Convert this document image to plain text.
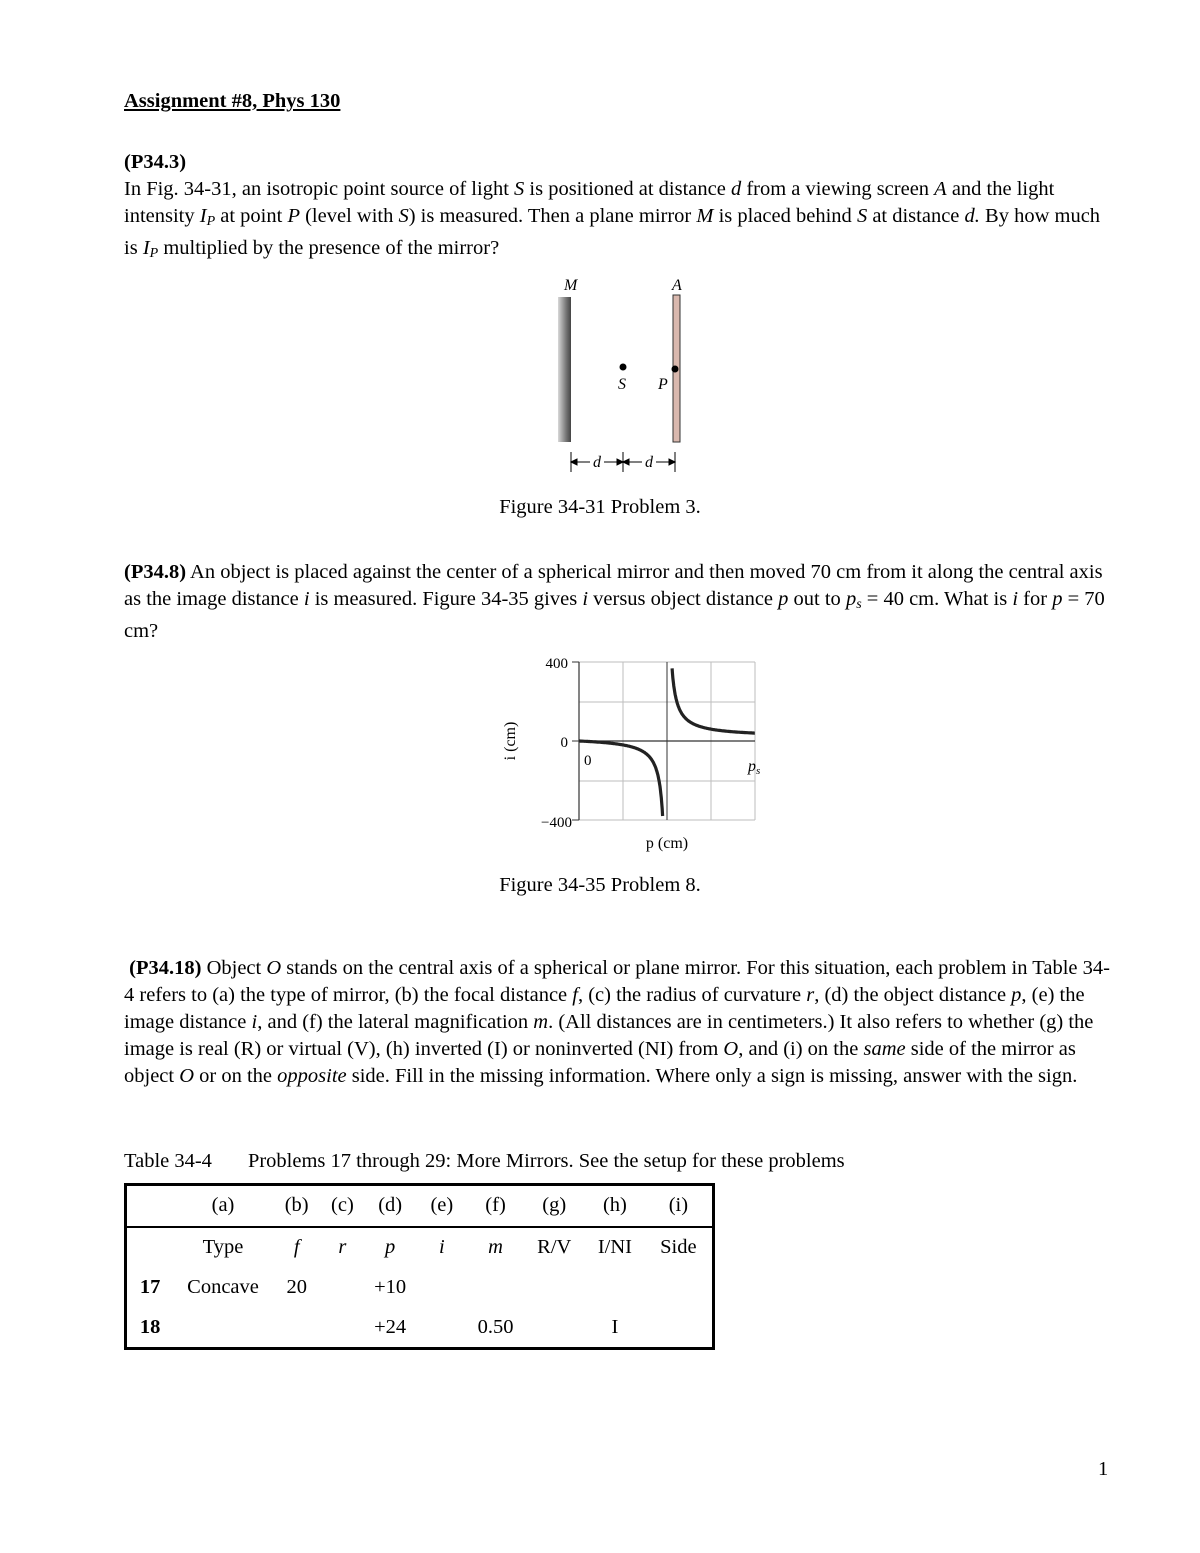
Assignment #8, Phys 130
(P34.3)
In Fig. 34-31, an isotropic point source of light S is positioned at distance d from a viewing screen A and the light intensity $I_P$ at point P (level with S) is measured. Then a plane mirror M is placed behind S at distance d. By how much is $I_P$ multiplied by the presence of the mirror?
M	A
S P
d	d
Figure 34-31 Problem 3.
(P34.8) An object is placed against the center of a spherical mirror and then moved 70 cm from it along the central axis as the image distance i is measured. Figure 34-35 gives i versus object distance p out to $p_s = 40$ cm. What is i for p = 70 cm?
400
0
−400
0	ps
p (cm)
i (cm)
Figure 34-35 Problem 8.
(P34.18) Object O stands on the central axis of a spherical or plane mirror. For this situation, each problem in Table 34-4 refers to (a) the type of mirror, (b) the focal distance f, (c) the radius of curvature r, (d) the object distance p, (e) the image distance i, and (f) the lateral magnification m. (All distances are in centimeters.) It also refers to whether (g) the image is real (R) or virtual (V), (h) inverted (I) or noninverted (NI) from O, and (i) on the same side of the mirror as object O or on the opposite side. Fill in the missing information. Where only a sign is missing, answer with the sign.
Table 34-4 Problems 17 through 29: More Mirrors. See the setup for these problems
	(a)	(b)	(c)	(d)	(e)	(f)	(g)	(h)	(i)
	Type	f	r	p	i	m	R/V	I/NI	Side
17	Concave	20		+10					
18				+24		0.50		I	
1
